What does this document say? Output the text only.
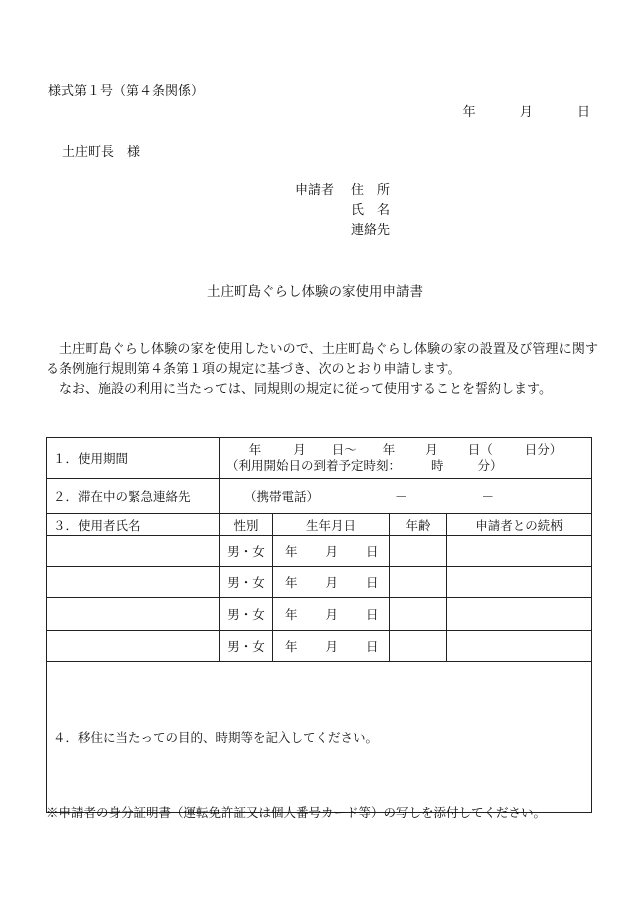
様式第１号（第４条関係）
年	月	日
土庄町長　様
申請者 住　所
氏　名
連絡先
土庄町島ぐらし体験の家使用申請書

土庄町島ぐらし体験の家を使用したいので、土庄町島ぐらし体験の家の設置及び管理に関する条例施行規則第４条第１項の規定に基づき、次のとおり申請します。

なお、施設の利用に当たっては、同規則の規定に従って使用することを誓約します。

１．使用期間	年 月 日～ 年 月 日（ 日分）
（利用開始日の到着予定時刻： 時 分）			

２．滞在中の緊急連絡先	（携帯電話） － －			
３．使用者氏名	性別	生年月日	年齢	申請者との続柄
	男・女	年 月 日		
	男・女	年 月 日		
	男・女	年 月 日		
	男・女	年 月 日		
４．移住に当たっての目的、時期等を記入してください。				
※申請者の身分証明書（運転免許証又は個人番号カード等）の写しを添付してください。
